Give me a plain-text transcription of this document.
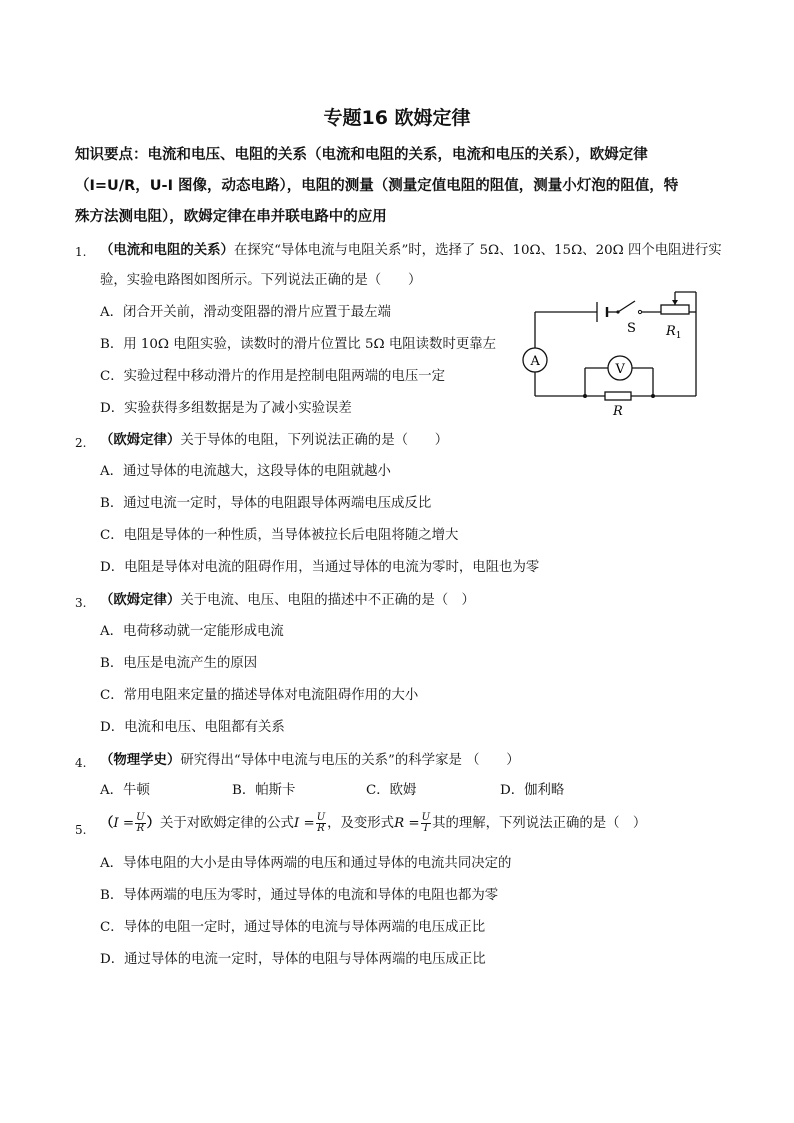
专题16 欧姆定律
知识要点：电流和电压、电阻的关系（电流和电阻的关系，电流和电压的关系），欧姆定律
（I=U/R，U-I 图像，动态电路），电阻的测量（测量定值电阻的阻值，测量小灯泡的阻值，特
殊方法测电阻），欧姆定律在串并联电路中的应用
1. （电流和电阻的关系）在探究“导体电流与电阻关系”时，选择了 5Ω、10Ω、15Ω、20Ω 四个电阻进行实
验，实验电路图如图所示。下列说法正确的是（　　）
A．闭合开关前，滑动变阻器的滑片应置于最左端
B．用 10Ω 电阻实验，读数时的滑片位置比 5Ω 电阻读数时更靠左
C．实验过程中移动滑片的作用是控制电阻两端的电压一定
D．实验获得多组数据是为了减小实验误差
S $R_1$
A
V
R
2. （欧姆定律）关于导体的电阻，下列说法正确的是（　　）
A．通过导体的电流越大，这段导体的电阻就越小
B．通过电流一定时，导体的电阻跟导体两端电压成反比
C．电阻是导体的一种性质，当导体被拉长后电阻将随之增大
D．电阻是导体对电流的阻碍作用，当通过导体的电流为零时，电阻也为零
3. （欧姆定律）关于电流、电压、电阻的描述中不正确的是（　）
A．电荷移动就一定能形成电流
B．电压是电流产生的原因
C．常用电阻来定量的描述导体对电流阻碍作用的大小
D．电流和电压、电阻都有关系
4. （物理学史）研究得出“导体中电流与电压的关系”的科学家是 （　　）
A．牛顿	B．帕斯卡	C．欧姆	D．伽利略
5. （$I = \frac{U}{R}$ ）关于对欧姆定律的公式$I = \frac{U}{R}$ ，及变形式$R = \frac{U}{I}$ 其的理解，下列说法正确的是（　）
A．导体电阻的大小是由导体两端的电压和通过导体的电流共同决定的
B．导体两端的电压为零时，通过导体的电流和导体的电阻也都为零
C．导体的电阻一定时，通过导体的电流与导体两端的电压成正比
D．通过导体的电流一定时，导体的电阻与导体两端的电压成正比
